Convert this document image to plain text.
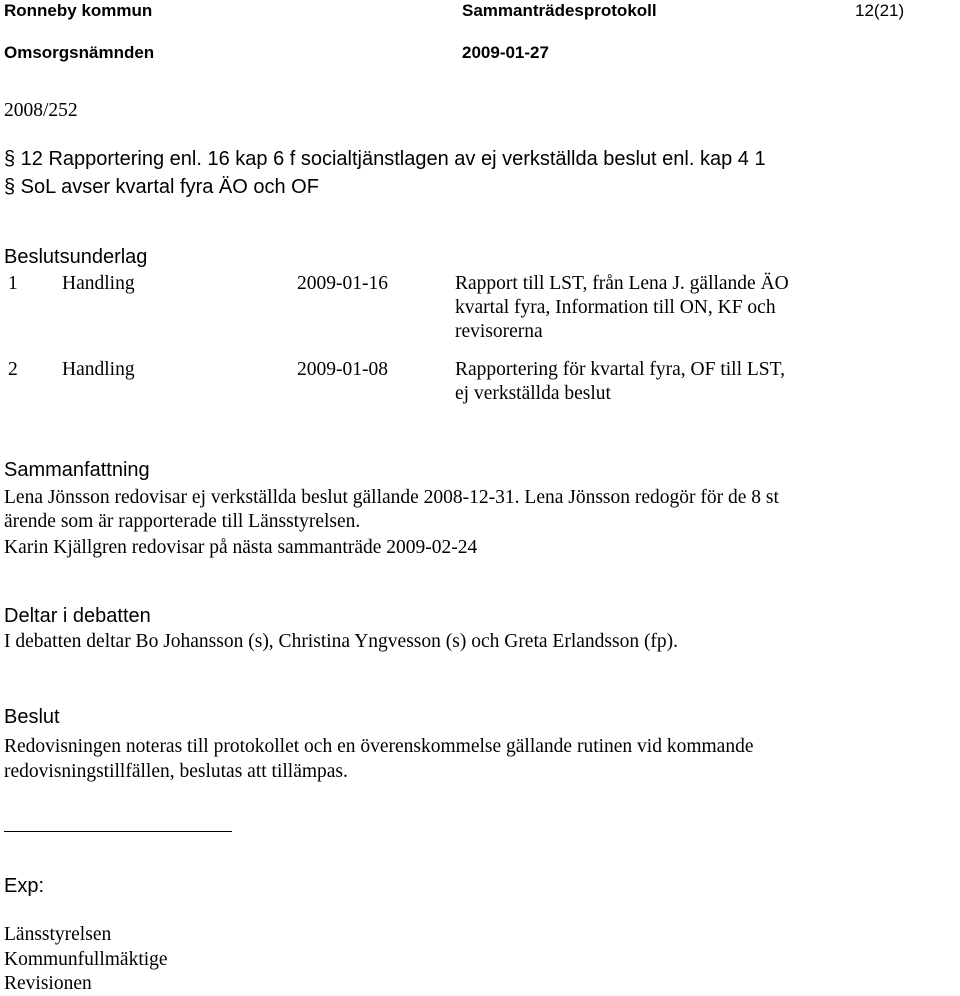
Ronneby kommun	Sammanträdesprotokoll	12(21)
Omsorgsnämnden	2009-01-27
2008/252
§ 12 Rapportering enl. 16 kap 6 f socialtjänstlagen av ej verkställda beslut enl. kap 4 1
§ SoL avser kvartal fyra ÄO och OF
Beslutsunderlag
1 Handling	2009-01-16	Rapport till LST, från Lena J. gällande ÄO
kvartal fyra, Information till ON, KF och
revisorerna
2 Handling	2009-01-08	Rapportering för kvartal fyra, OF till LST,
ej verkställda beslut
Sammanfattning
Lena Jönsson redovisar ej verkställda beslut gällande 2008-12-31. Lena Jönsson redogör för de 8 st
ärende som är rapporterade till Länsstyrelsen.
Karin Kjällgren redovisar på nästa sammanträde 2009-02-24
Deltar i debatten
I debatten deltar Bo Johansson (s), Christina Yngvesson (s) och Greta Erlandsson (fp).
Beslut
Redovisningen noteras till protokollet och en överenskommelse gällande rutinen vid kommande
redovisningstillfällen, beslutas att tillämpas.
Exp:
Länsstyrelsen
Kommunfullmäktige
Revisionen
